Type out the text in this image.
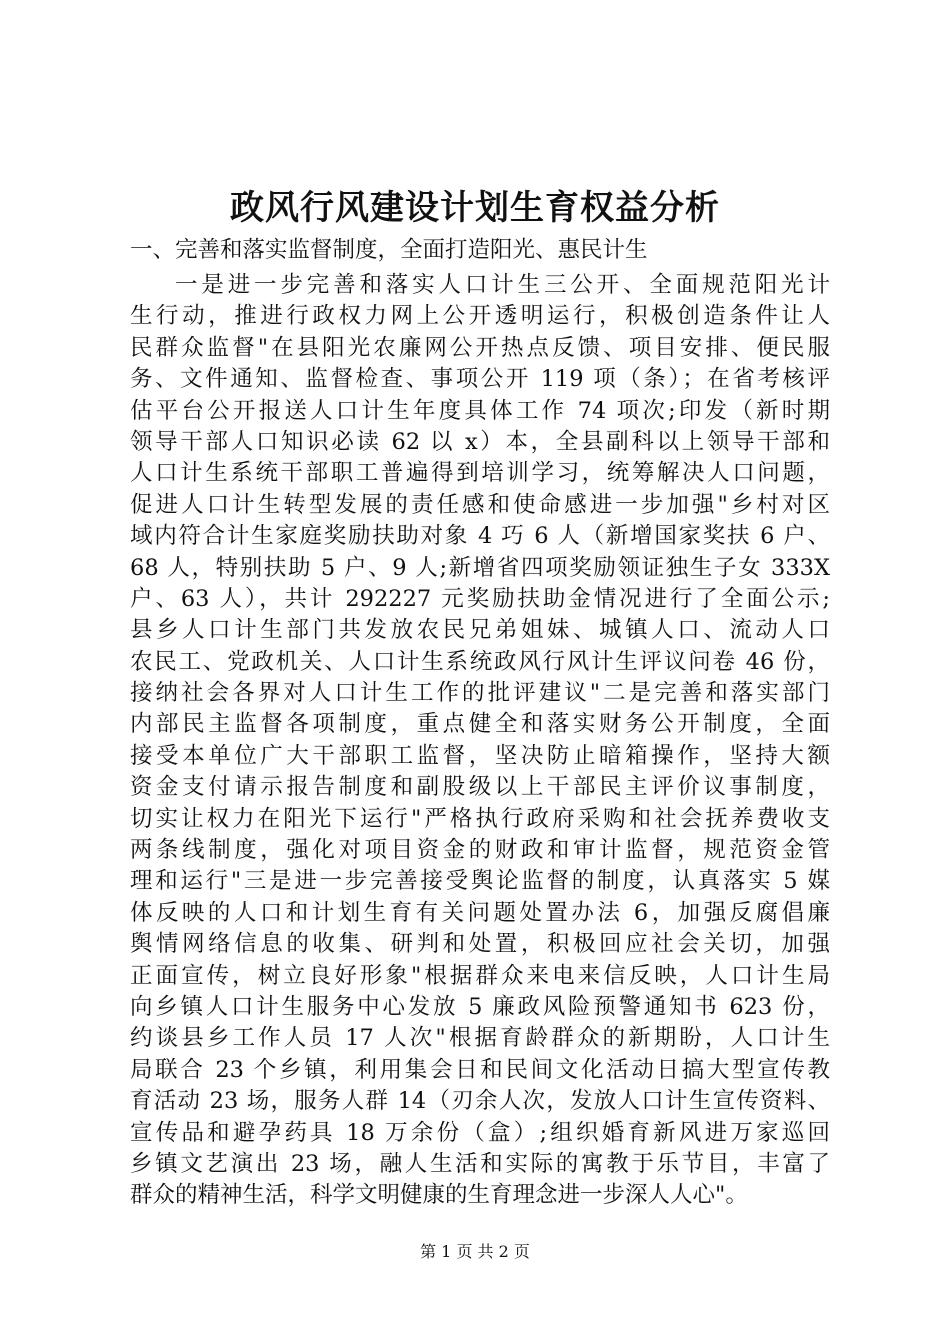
政风行风建设计划生育权益分析

一、完善和落实监督制度，全面打造阳光、惠民计生

一是进一步完善和落实人口计生三公开、全面规范阳光计
生行动，推进行政权力网上公开透明运行，积极创造条件让人
民群众监督"在县阳光农廉网公开热点反馈、项目安排、便民服
务、文件通知、监督检查、事项公开 119 项（条）；在省考核评
估平台公开报送人口计生年度具体工作 74 项次;印发（新时期
领导干部人口知识必读 62 以 x）本，全县副科以上领导干部和
人口计生系统干部职工普遍得到培训学习，统筹解决人口问题，
促进人口计生转型发展的责任感和使命感进一步加强"乡村对区
域内符合计生家庭奖励扶助对象 4 巧 6 人（新增国家奖扶 6 户、
68 人，特别扶助 5 户、9 人;新增省四项奖励领证独生子女 333X
户、63 人），共计 292227 元奖励扶助金情况进行了全面公示;
县乡人口计生部门共发放农民兄弟姐妹、城镇人口、流动人口
农民工、党政机关、人口计生系统政风行风计生评议问卷 46 份，
接纳社会各界对人口计生工作的批评建议"二是完善和落实部门
内部民主监督各项制度，重点健全和落实财务公开制度，全面
接受本单位广大干部职工监督，坚决防止暗箱操作，坚持大额
资金支付请示报告制度和副股级以上干部民主评价议事制度，
切实让权力在阳光下运行"严格执行政府采购和社会抚养费收支
两条线制度，强化对项目资金的财政和审计监督，规范资金管
理和运行"三是进一步完善接受舆论监督的制度，认真落实 5 媒
体反映的人口和计划生育有关问题处置办法 6，加强反腐倡廉
舆情网络信息的收集、研判和处置，积极回应社会关切，加强
正面宣传，树立良好形象"根据群众来电来信反映，人口计生局
向乡镇人口计生服务中心发放 5 廉政风险预警通知书 623 份，
约谈县乡工作人员 17 人次"根据育龄群众的新期盼，人口计生
局联合 23 个乡镇，利用集会日和民间文化活动日搞大型宣传教
育活动 23 场，服务人群 14（刃余人次，发放人口计生宣传资料、
宣传品和避孕药具 18 万余份（盒）;组织婚育新风进万家巡回
乡镇文艺演出 23 场，融人生活和实际的寓教于乐节目，丰富了
群众的精神生活，科学文明健康的生育理念进一步深人人心"。

第 1 页 共 2 页
